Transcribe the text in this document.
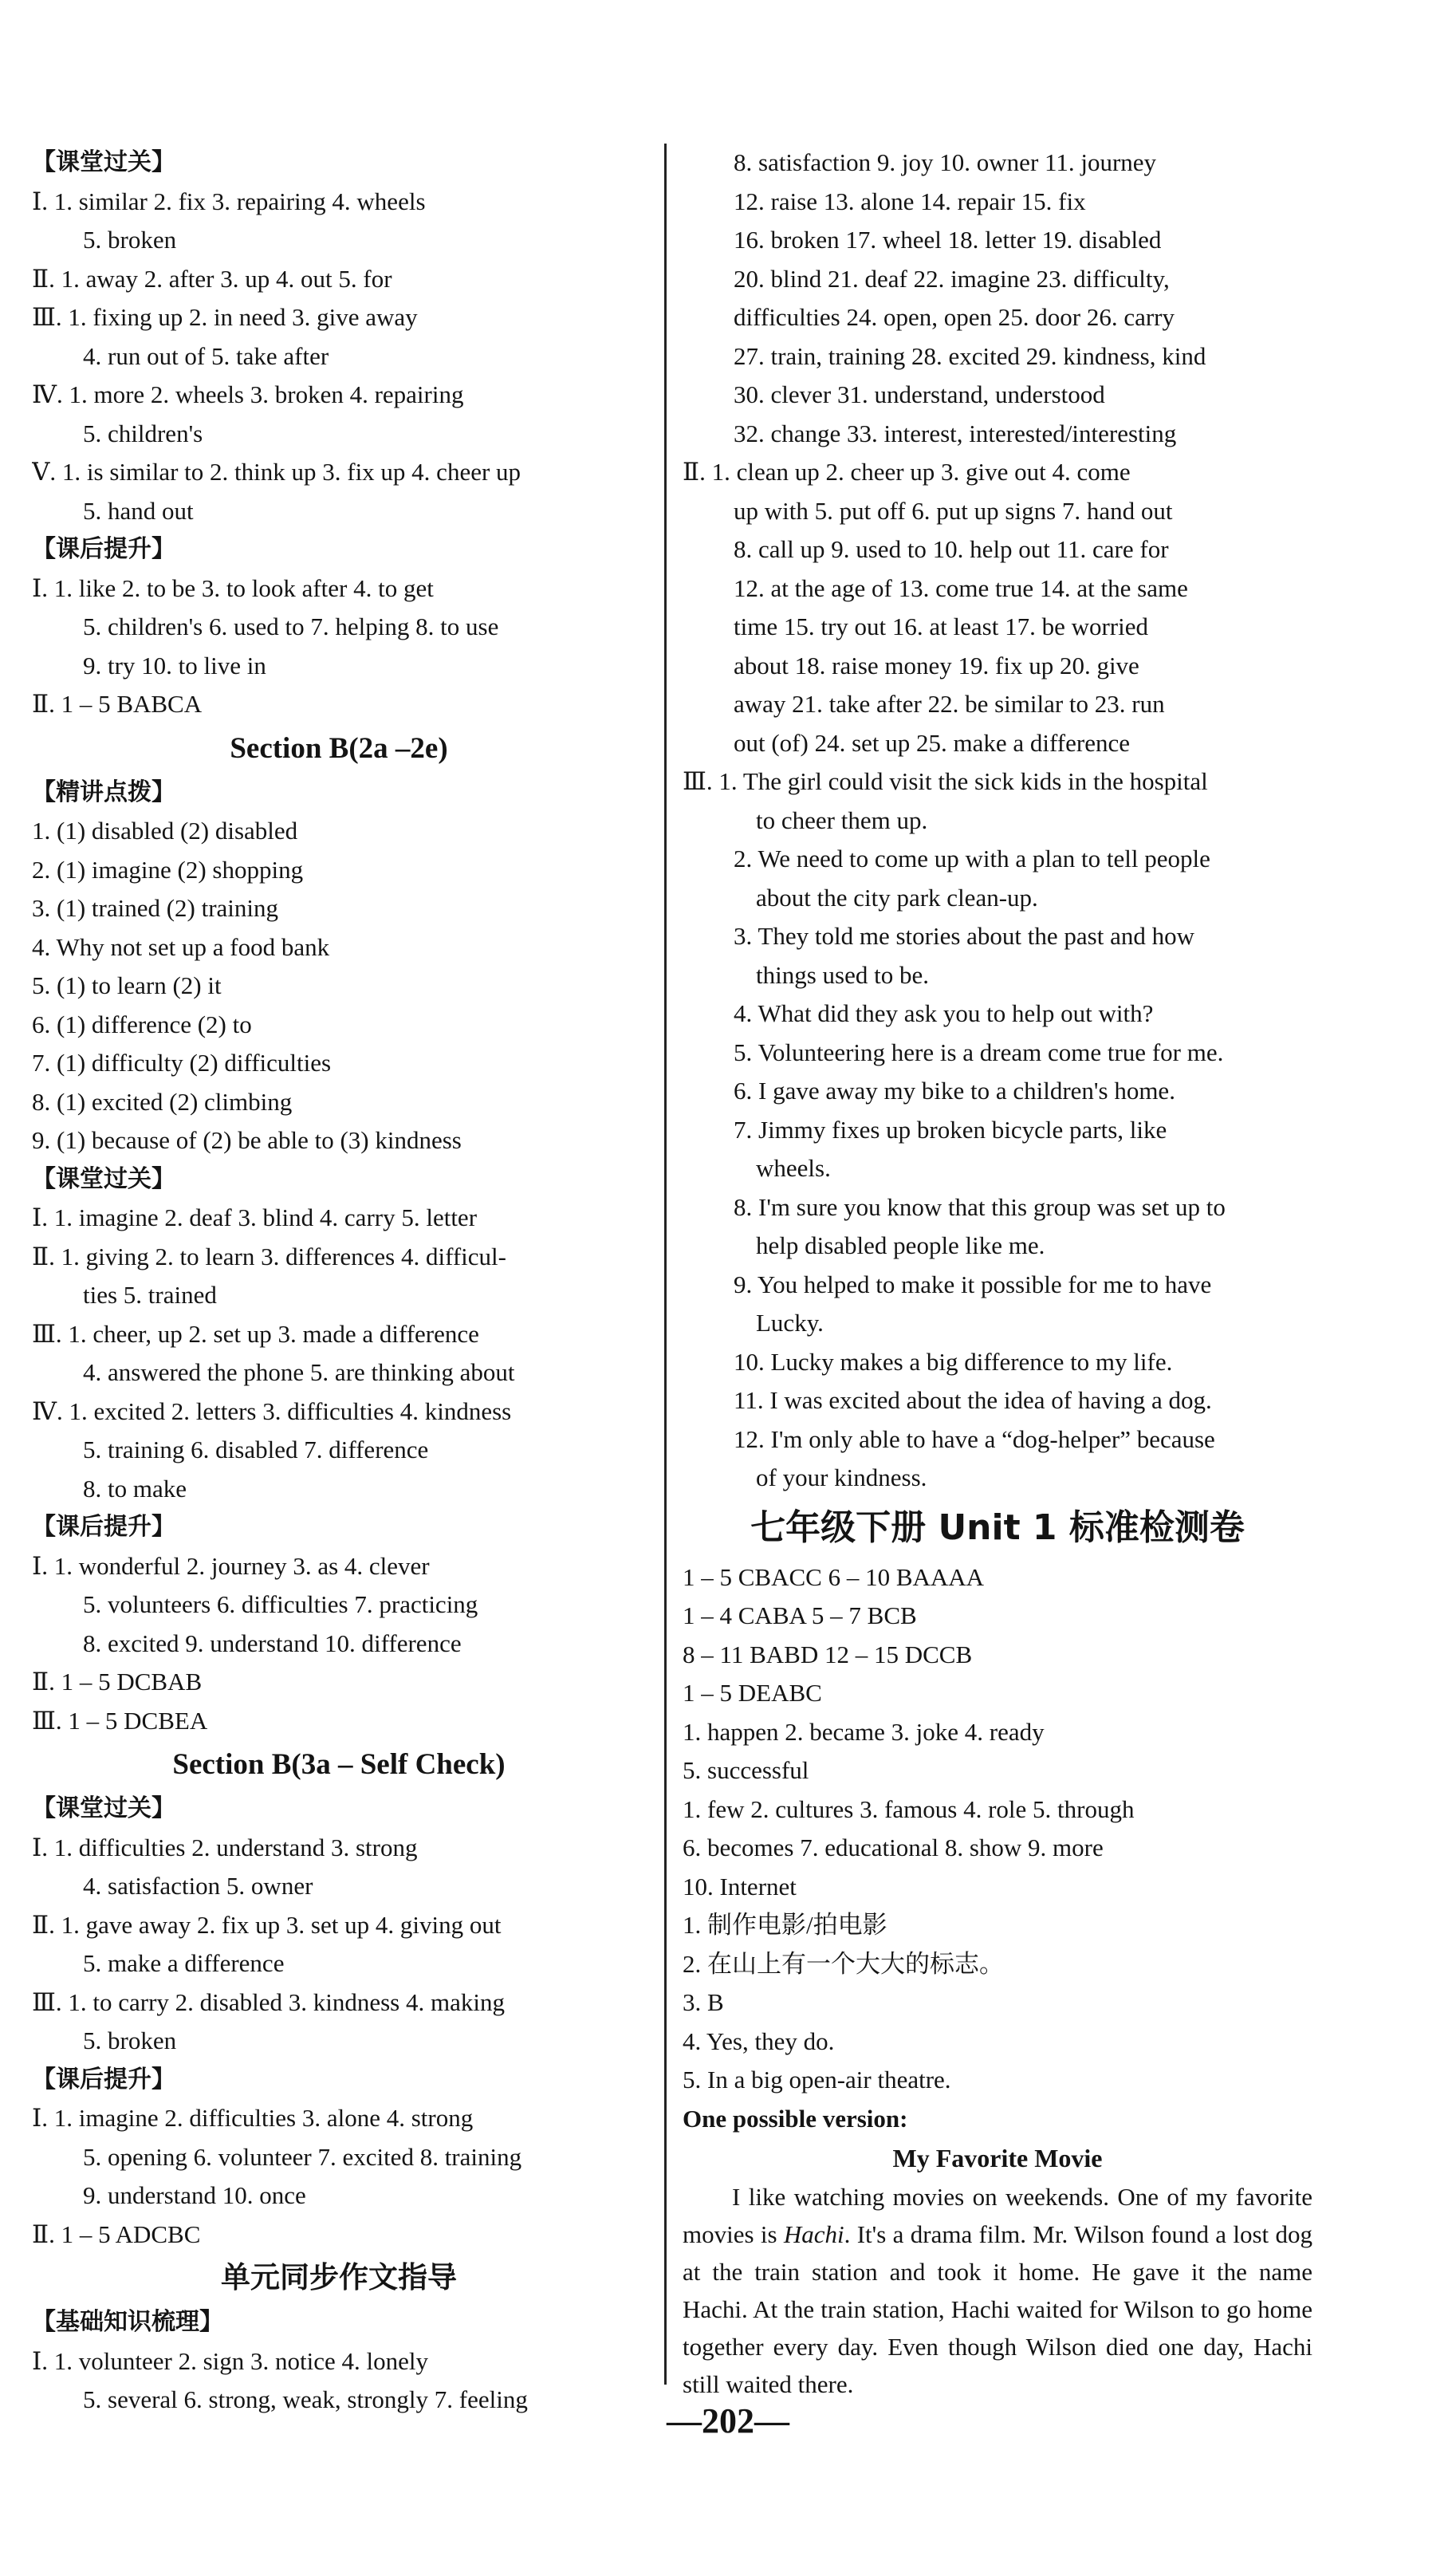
【课堂过关】
Ⅰ. 1. similar 2. fix 3. repairing 4. wheels
5. broken
Ⅱ. 1. away 2. after 3. up 4. out 5. for
Ⅲ. 1. fixing up 2. in need 3. give away
4. run out of 5. take after
Ⅳ. 1. more 2. wheels 3. broken 4. repairing
5. children's
Ⅴ. 1. is similar to 2. think up 3. fix up 4. cheer up
5. hand out
【课后提升】
Ⅰ. 1. like 2. to be 3. to look after 4. to get
5. children's 6. used to 7. helping 8. to use
9. try 10. to live in
Ⅱ. 1 – 5 BABCA
Section B(2a –2e)
【精讲点拨】
1. (1) disabled (2) disabled
2. (1) imagine (2) shopping
3. (1) trained (2) training
4. Why not set up a food bank
5. (1) to learn (2) it
6. (1) difference (2) to
7. (1) difficulty (2) difficulties
8. (1) excited (2) climbing
9. (1) because of (2) be able to (3) kindness
【课堂过关】
Ⅰ. 1. imagine 2. deaf 3. blind 4. carry 5. letter
Ⅱ. 1. giving 2. to learn 3. differences 4. difficul-
ties 5. trained
Ⅲ. 1. cheer, up 2. set up 3. made a difference
4. answered the phone 5. are thinking about
Ⅳ. 1. excited 2. letters 3. difficulties 4. kindness
5. training 6. disabled 7. difference
8. to make
【课后提升】
Ⅰ. 1. wonderful 2. journey 3. as 4. clever
5. volunteers 6. difficulties 7. practicing
8. excited 9. understand 10. difference
Ⅱ. 1 – 5 DCBAB
Ⅲ. 1 – 5 DCBEA
Section B(3a – Self Check)
【课堂过关】
Ⅰ. 1. difficulties 2. understand 3. strong
4. satisfaction 5. owner
Ⅱ. 1. gave away 2. fix up 3. set up 4. giving out
5. make a difference
Ⅲ. 1. to carry 2. disabled 3. kindness 4. making
5. broken
【课后提升】
Ⅰ. 1. imagine 2. difficulties 3. alone 4. strong
5. opening 6. volunteer 7. excited 8. training
9. understand 10. once
Ⅱ. 1 – 5 ADCBC
单元同步作文指导
【基础知识梳理】
Ⅰ. 1. volunteer 2. sign 3. notice 4. lonely
5. several 6. strong, weak, strongly 7. feeling
8. satisfaction 9. joy 10. owner 11. journey
12. raise 13. alone 14. repair 15. fix
16. broken 17. wheel 18. letter 19. disabled
20. blind 21. deaf 22. imagine 23. difficulty,
difficulties 24. open, open 25. door 26. carry
27. train, training 28. excited 29. kindness, kind
30. clever 31. understand, understood
32. change 33. interest, interested/interesting
Ⅱ. 1. clean up 2. cheer up 3. give out 4. come
up with 5. put off 6. put up signs 7. hand out
8. call up 9. used to 10. help out 11. care for
12. at the age of 13. come true 14. at the same
time 15. try out 16. at least 17. be worried
about 18. raise money 19. fix up 20. give
away 21. take after 22. be similar to 23. run
out (of) 24. set up 25. make a difference
Ⅲ. 1. The girl could visit the sick kids in the hospital
to cheer them up.
2. We need to come up with a plan to tell people
about the city park clean-up.
3. They told me stories about the past and how
things used to be.
4. What did they ask you to help out with?
5. Volunteering here is a dream come true for me.
6. I gave away my bike to a children's home.
7. Jimmy fixes up broken bicycle parts, like
wheels.
8. I'm sure you know that this group was set up to
help disabled people like me.
9. You helped to make it possible for me to have
Lucky.
10. Lucky makes a big difference to my life.
11. I was excited about the idea of having a dog.
12. I'm only able to have a “dog-helper” because
of your kindness.
七年级下册 Unit 1 标准检测卷
1 – 5 CBACC 6 – 10 BAAAA
1 – 4 CABA 5 – 7 BCB
8 – 11 BABD 12 – 15 DCCB
1 – 5 DEABC
1. happen 2. became 3. joke 4. ready
5. successful
1. few 2. cultures 3. famous 4. role 5. through
6. becomes 7. educational 8. show 9. more
10. Internet
1. 制作电影/拍电影
2. 在山上有一个大大的标志。
3. B
4. Yes, they do.
5. In a big open-air theatre.
One possible version:
My Favorite Movie

I like watching movies on weekends. One of my favorite movies is Hachi. It's a drama film. Mr. Wilson found a lost dog at the train station and took it home. He gave it the name Hachi. At the train station, Hachi waited for Wilson to go home together every day. Even though Wilson died one day, Hachi still waited there.

—202—
